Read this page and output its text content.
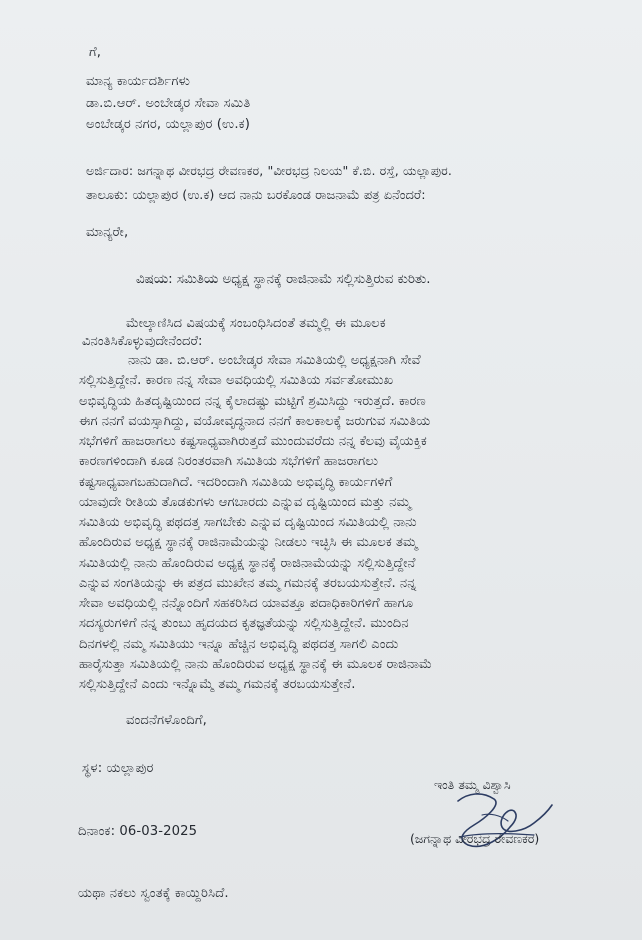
ಗೆ,
ಮಾನ್ಯ ಕಾರ್ಯದರ್ಶಿಗಳು
ಡಾ.ಬಿ.ಆರ್. ಅಂಬೇಡ್ಕರ ಸೇವಾ ಸಮಿತಿ
ಅಂಬೇಡ್ಕರ ನಗರ, ಯಲ್ಲಾಪುರ (ಉ.ಕ)
ಅರ್ಜಿದಾರ: ಜಗನ್ನಾಥ ವೀರಭದ್ರ ರೇವಣಕರ, "ವೀರಭದ್ರ ನಿಲಯ" ಕೆ.ಬಿ. ರಸ್ತೆ, ಯಲ್ಲಾಪುರ.
ತಾಲೂಕು: ಯಲ್ಲಾಪುರ (ಉ.ಕ) ಆದ ನಾನು ಬರಕೊಂಡ ರಾಜನಾಮೆ ಪತ್ರ ಏನೆಂದರೆ:
ಮಾನ್ಯರೇ,
ವಿಷಯ: ಸಮಿತಿಯ ಅಧ್ಯಕ್ಷ ಸ್ಥಾನಕ್ಕೆ ರಾಜಿನಾಮೆ ಸಲ್ಲಿಸುತ್ತಿರುವ ಕುರಿತು.
ಮೇಲ್ಕಾಣಿಸಿದ ವಿಷಯಕ್ಕೆ ಸಂಬಂಧಿಸಿದಂತೆ ತಮ್ಮಲ್ಲಿ ಈ ಮೂಲಕ
ವಿನಂತಿಸಿಕೊಳ್ಳುವುದೇನೆಂದರೆ:
ನಾನು ಡಾ. ಬಿ.ಆರ್. ಅಂಬೇಡ್ಕರ ಸೇವಾ ಸಮಿತಿಯಲ್ಲಿ ಅಧ್ಯಕ್ಷನಾಗಿ ಸೇವೆ
ಸಲ್ಲಿಸುತ್ತಿದ್ದೇನೆ. ಕಾರಣ ನನ್ನ ಸೇವಾ ಅವಧಿಯಲ್ಲಿ ಸಮಿತಿಯ ಸರ್ವತೋಮುಖ
ಅಭಿವೃದ್ಧಿಯ ಹಿತದೃಷ್ಟಿಯಿಂದ ನನ್ನ ಕೈಲಾದಷ್ಟು ಮಟ್ಟಿಗೆ ಶ್ರಮಿಸಿದ್ದು ಇರುತ್ತದೆ. ಕಾರಣ
ಈಗ ನನಗೆ ವಯಸ್ಸಾಗಿದ್ದು, ವಯೋವೃದ್ಧನಾದ ನನಗೆ ಕಾಲಕಾಲಕ್ಕೆ ಜರುಗುವ ಸಮಿತಿಯ
ಸಭೆಗಳಿಗೆ ಹಾಜರಾಗಲು ಕಷ್ಟಸಾಧ್ಯವಾಗಿರುತ್ತದೆ ಮುಂದುವರೆದು ನನ್ನ ಕೆಲವು ವೈಯಕ್ತಿಕ
ಕಾರಣಗಳಿಂದಾಗಿ ಕೂಡ ನಿರಂತರವಾಗಿ ಸಮಿತಿಯ ಸಭೆಗಳಿಗೆ ಹಾಜರಾಗಲು
ಕಷ್ಟಸಾಧ್ಯವಾಗಬಹುದಾಗಿದೆ. ಇದರಿಂದಾಗಿ ಸಮಿತಿಯ ಅಭಿವೃದ್ಧಿ ಕಾರ್ಯಗಳಿಗೆ
ಯಾವುದೇ ರೀತಿಯ ತೊಡಕುಗಳು ಆಗಬಾರದು ಎನ್ನುವ ದೃಷ್ಟಿಯಿಂದ ಮತ್ತು ನಮ್ಮ
ಸಮಿತಿಯ ಅಭಿವೃದ್ಧಿ ಪಥದತ್ತ ಸಾಗಬೇಕು ಎನ್ನುವ ದೃಷ್ಟಿಯಿಂದ ಸಮಿತಿಯಲ್ಲಿ ನಾನು
ಹೊಂದಿರುವ ಅಧ್ಯಕ್ಷ ಸ್ಥಾನಕ್ಕೆ ರಾಜಿನಾಮೆಯನ್ನು ನೀಡಲು ಇಚ್ಛಿಸಿ ಈ ಮೂಲಕ ತಮ್ಮ
ಸಮಿತಿಯಲ್ಲಿ ನಾನು ಹೊಂದಿರುವ ಅಧ್ಯಕ್ಷ ಸ್ಥಾನಕ್ಕೆ ರಾಜಿನಾಮೆಯನ್ನು ಸಲ್ಲಿಸುತ್ತಿದ್ದೇನೆ
ಎನ್ನುವ ಸಂಗತಿಯನ್ನು ಈ ಪತ್ರದ ಮುಖೇನ ತಮ್ಮ ಗಮನಕ್ಕೆ ತರಬಯಸುತ್ತೇನೆ. ನನ್ನ
ಸೇವಾ ಅವಧಿಯಲ್ಲಿ ನನ್ನೊಂದಿಗೆ ಸಹಕರಿಸಿದ ಯಾವತ್ತೂ ಪದಾಧಿಕಾರಿಗಳಿಗೆ ಹಾಗೂ
ಸದಸ್ಯರುಗಳಿಗೆ ನನ್ನ ತುಂಬು ಹೃದಯದ ಕೃತಜ್ಞತೆಯನ್ನು ಸಲ್ಲಿಸುತ್ತಿದ್ದೇನೆ. ಮುಂದಿನ
ದಿನಗಳಲ್ಲಿ ನಮ್ಮ ಸಮಿತಿಯು ಇನ್ನೂ ಹೆಚ್ಚಿನ ಅಭಿವೃದ್ಧಿ ಪಥದತ್ತ ಸಾಗಲಿ ಎಂದು
ಹಾರೈಸುತ್ತಾ ಸಮಿತಿಯಲ್ಲಿ ನಾನು ಹೊಂದಿರುವ ಅಧ್ಯಕ್ಷ ಸ್ಥಾನಕ್ಕೆ ಈ ಮೂಲಕ ರಾಜಿನಾಮೆ
ಸಲ್ಲಿಸುತ್ತಿದ್ದೇನೆ ಎಂದು ಇನ್ನೊಮ್ಮೆ ತಮ್ಮ ಗಮನಕ್ಕೆ ತರಬಯಸುತ್ತೇನೆ.
ವಂದನೆಗಳೊಂದಿಗೆ,
ಸ್ಥಳ: ಯಲ್ಲಾಪುರ
ದಿನಾಂಕ: 06-03-2025
ಇಂತಿ ತಮ್ಮ ವಿಶ್ವಾಸಿ
(ಜಗನ್ನಾಥ ವೀರಭದ್ರ ರೇವಣಕರ)
ಯಥಾ ನಕಲು ಸ್ವಂತಕ್ಕೆ ಕಾಯ್ದಿರಿಸಿದೆ.
